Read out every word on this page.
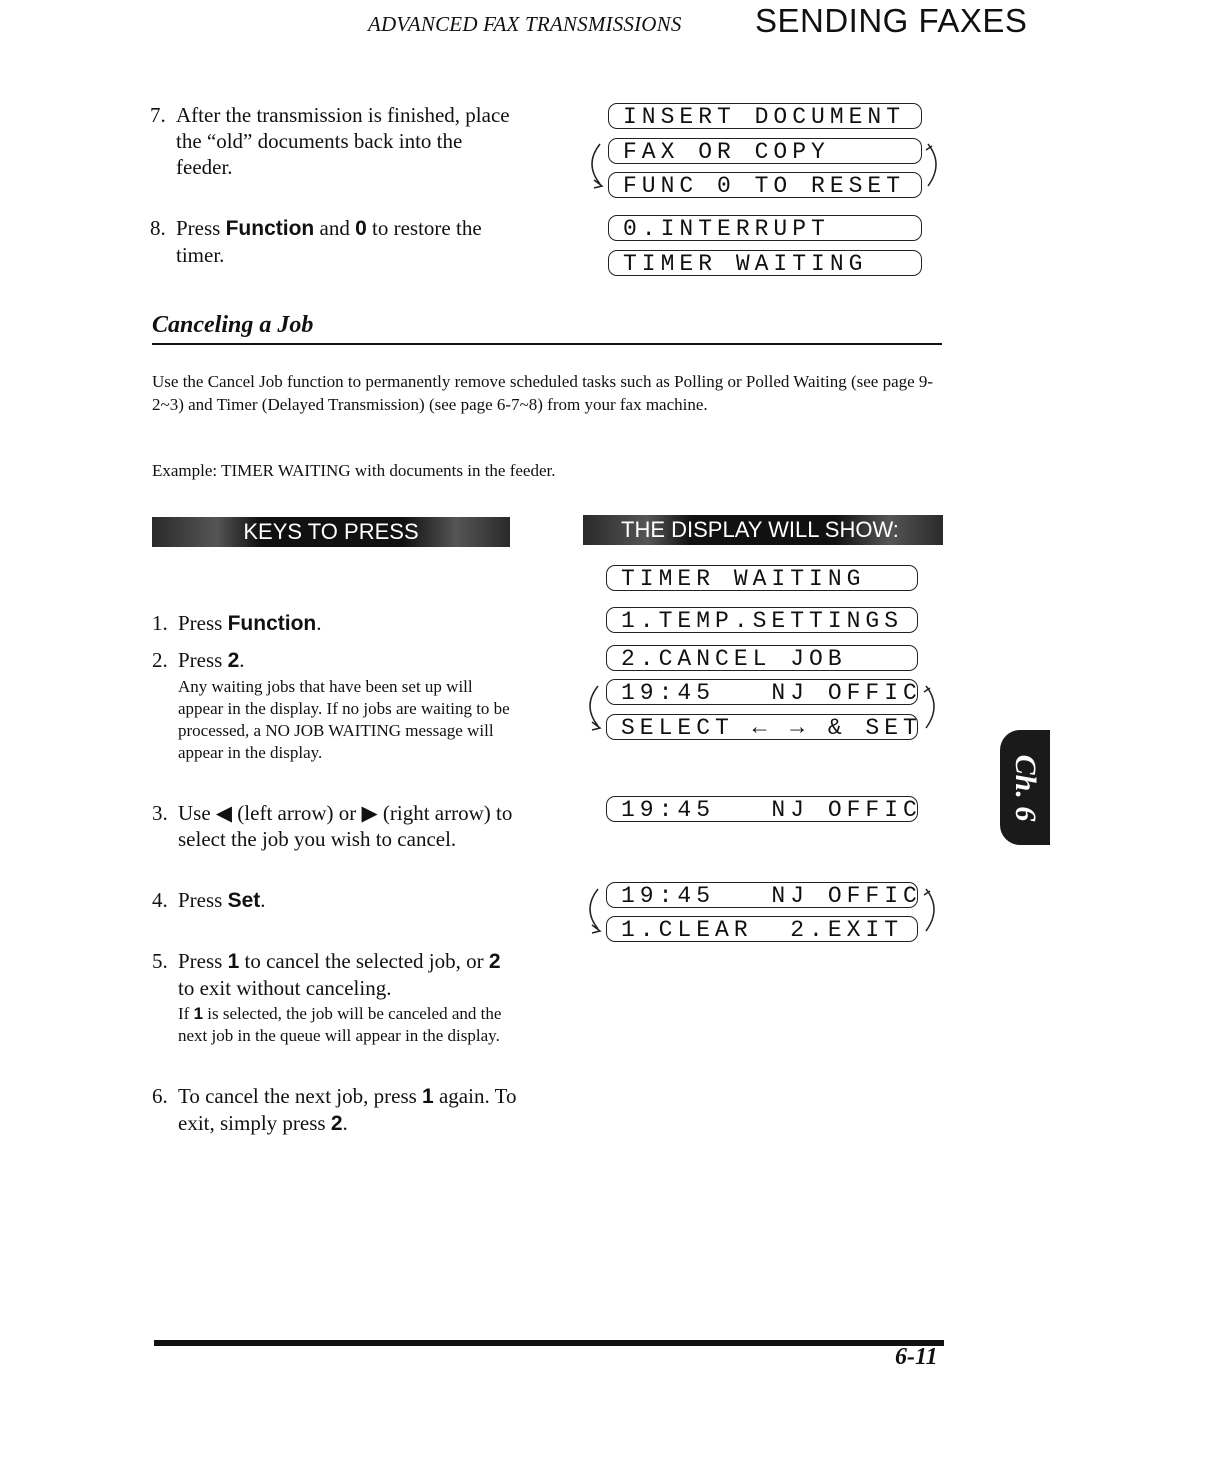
ADVANCED FAX TRANSMISSIONS SENDING FAXES
7. After the transmission is finished, place the “old” documents back into the feeder.
8. Press Function and 0 to restore the timer.
INSERT DOCUMENT
FAX OR COPY
FUNC 0 TO RESET
0.INTERRUPT
TIMER WAITING
Canceling a Job
Use the Cancel Job function to permanently remove scheduled tasks such as Polling or Polled Waiting (see page 9-2~3) and Timer (Delayed Transmission) (see page 6-7~8) from your fax machine.
Example: TIMER WAITING with documents in the feeder.
KEYS TO PRESS	THE DISPLAY WILL SHOW:
1. Press Function.
2. Press 2.
Any waiting jobs that have been set up will appear in the display. If no jobs are waiting to be processed, a NO JOB WAITING message will appear in the display.
3. Use ◀ (left arrow) or ▶ (right arrow) to select the job you wish to cancel.
4. Press Set.
5. Press 1 to cancel the selected job, or 2 to exit without canceling.
If 1 is selected, the job will be canceled and the next job in the queue will appear in the display.
6. To cancel the next job, press 1 again. To exit, simply press 2.
TIMER WAITING
1.TEMP.SETTINGS
2.CANCEL JOB
19:45   NJ OFFIC
SELECT ← → & SET
19:45   NJ OFFIC
19:45   NJ OFFIC
1.CLEAR  2.EXIT
Ch. 6
6-11
